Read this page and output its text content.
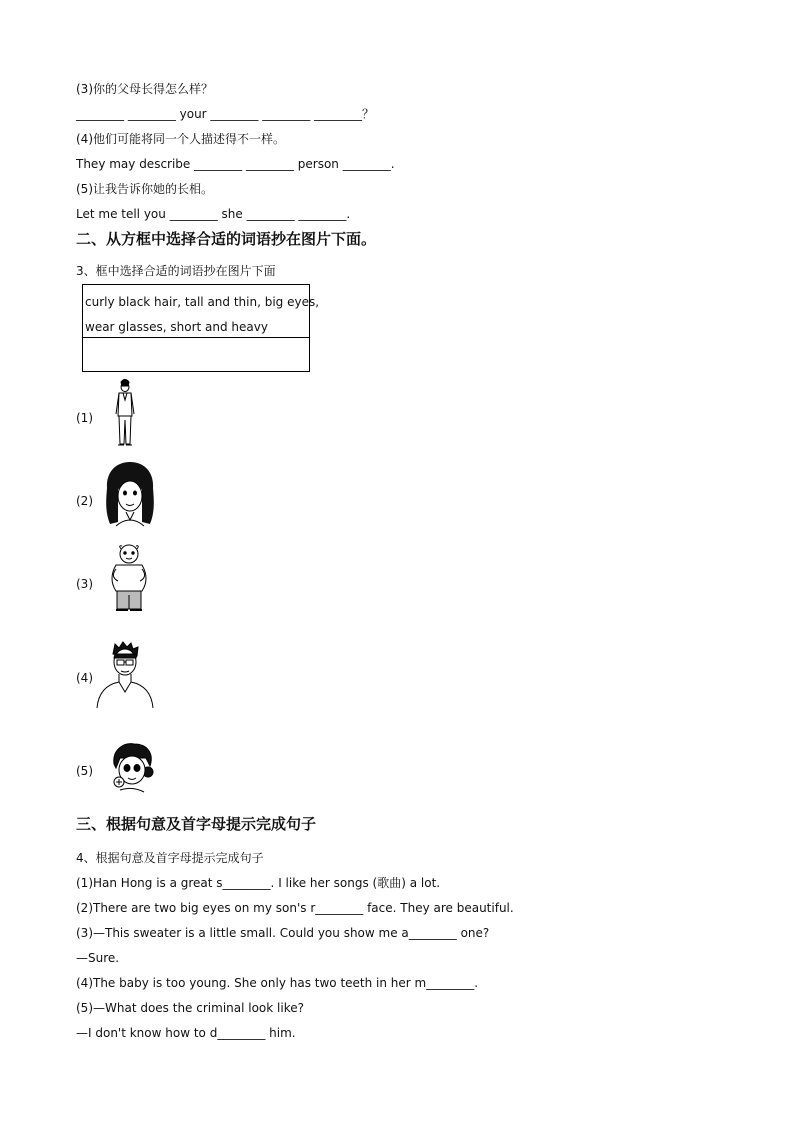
(3)你的父母长得怎么样？
________ ________ your ________ ________ ________？
(4)他们可能将同一个人描述得不一样。
They may describe ________ ________ person ________.
(5)让我告诉你她的长相。
Let me tell you ________ she ________ ________.
二、从方框中选择合适的词语抄在图片下面。
3、框中选择合适的词语抄在图片下面
curly black hair, tall and thin, big eyes,
wear glasses, short and heavy
(1)
(2)
(3)
(4)
(5)
三、根据句意及首字母提示完成句子
4、根据句意及首字母提示完成句子
(1)Han Hong is a great s________. I like her songs (歌曲) a lot.
(2)There are two big eyes on my son's r________ face. They are beautiful.
(3)—This sweater is a little small. Could you show me a________ one?
—Sure.
(4)The baby is too young. She only has two teeth in her m________.
(5)—What does the criminal look like?
—I don't know how to d________ him.
